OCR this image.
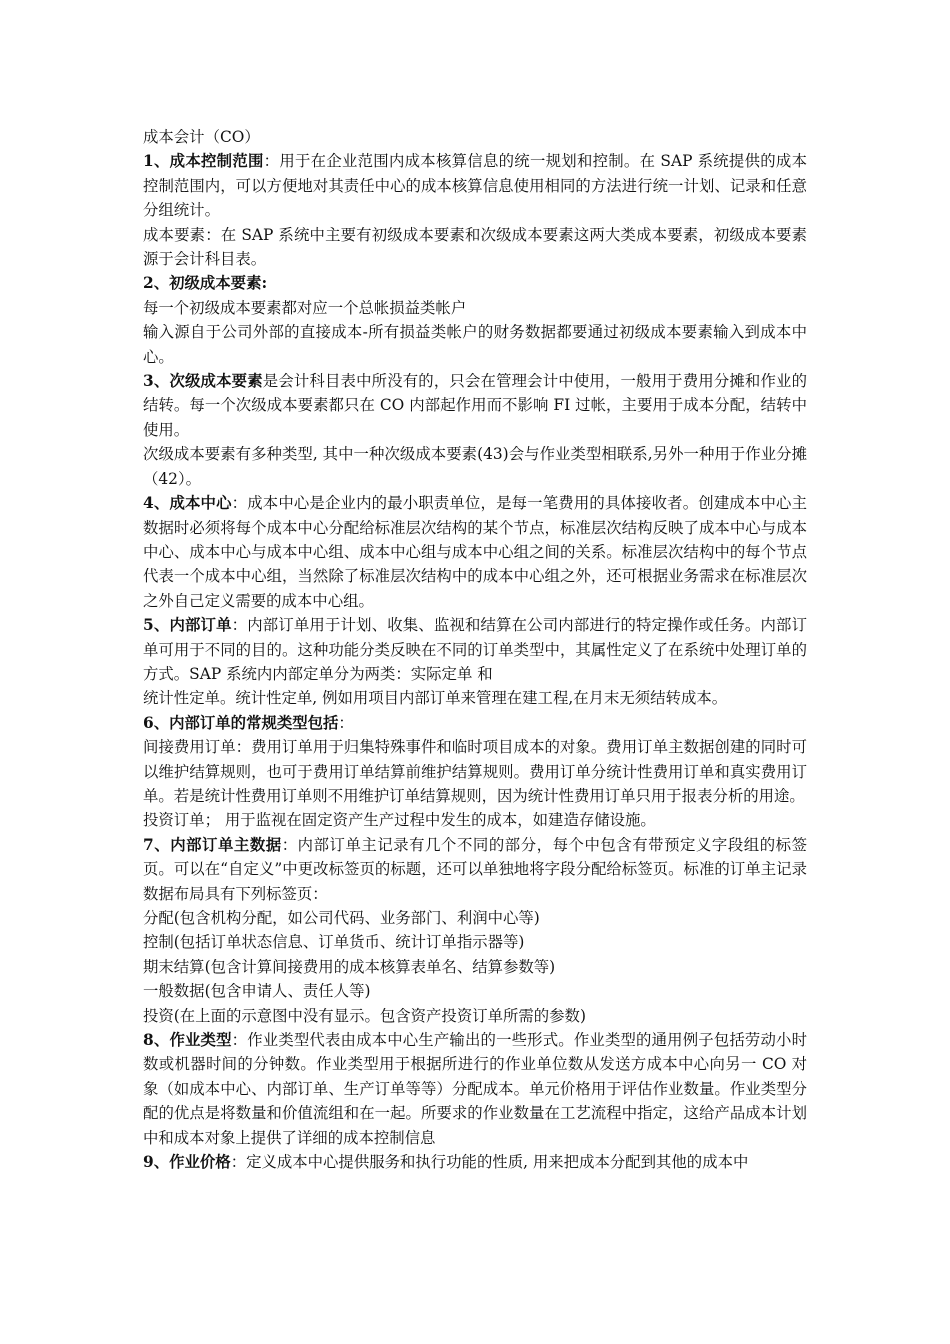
成本会计（CO）

1、成本控制范围：用于在企业范围内成本核算信息的统一规划和控制。在 SAP 系统提供的成本控制范围内，可以方便地对其责任中心的成本核算信息使用相同的方法进行统一计划、记录和任意分组统计。

成本要素：在 SAP 系统中主要有初级成本要素和次级成本要素这两大类成本要素，初级成本要素源于会计科目表。

2、初级成本要素:

每一个初级成本要素都对应一个总帐损益类帐户

输入源自于公司外部的直接成本-所有损益类帐户的财务数据都要通过初级成本要素输入到成本中心。

3、次级成本要素是会计科目表中所没有的，只会在管理会计中使用，一般用于费用分摊和作业的结转。每一个次级成本要素都只在 CO 内部起作用而不影响 FI 过帐，主要用于成本分配，结转中使用。

次级成本要素有多种类型, 其中一种次级成本要素(43)会与作业类型相联系,另外一种用于作业分摊（42）。

4、成本中心：成本中心是企业内的最小职责单位，是每一笔费用的具体接收者。创建成本中心主数据时必须将每个成本中心分配给标准层次结构的某个节点，标准层次结构反映了成本中心与成本中心、成本中心与成本中心组、成本中心组与成本中心组之间的关系。标准层次结构中的每个节点代表一个成本中心组，当然除了标准层次结构中的成本中心组之外，还可根据业务需求在标准层次之外自己定义需要的成本中心组。

5、内部订单：内部订单用于计划、收集、监视和结算在公司内部进行的特定操作或任务。内部订单可用于不同的目的。这种功能分类反映在不同的订单类型中，其属性定义了在系统中处理订单的方式。SAP 系统内内部定单分为两类：实际定单 和

统计性定单。统计性定单, 例如用项目内部订单来管理在建工程,在月末无须结转成本。

6、内部订单的常规类型包括：

间接费用订单：费用订单用于归集特殊事件和临时项目成本的对象。费用订单主数据创建的同时可以维护结算规则，也可于费用订单结算前维护结算规则。费用订单分统计性费用订单和真实费用订单。若是统计性费用订单则不用维护订单结算规则，因为统计性费用订单只用于报表分析的用途。

投资订单； 用于监视在固定资产生产过程中发生的成本，如建造存储设施。

7、内部订单主数据：内部订单主记录有几个不同的部分，每个中包含有带预定义字段组的标签页。可以在“自定义”中更改标签页的标题，还可以单独地将字段分配给标签页。标准的订单主记录数据布局具有下列标签页：

分配(包含机构分配，如公司代码、业务部门、利润中心等)

控制(包括订单状态信息、订单货币、统计订单指示器等)

期末结算(包含计算间接费用的成本核算表单名、结算参数等)

一般数据(包含申请人、责任人等)

投资(在上面的示意图中没有显示。包含资产投资订单所需的参数)

8、作业类型：作业类型代表由成本中心生产输出的一些形式。作业类型的通用例子包括劳动小时数或机器时间的分钟数。作业类型用于根据所进行的作业单位数从发送方成本中心向另一 CO 对象（如成本中心、内部订单、生产订单等等）分配成本。单元价格用于评估作业数量。作业类型分配的优点是将数量和价值流组和在一起。所要求的作业数量在工艺流程中指定，这给产品成本计划中和成本对象上提供了详细的成本控制信息

9、作业价格：定义成本中心提供服务和执行功能的性质, 用来把成本分配到其他的成本中
